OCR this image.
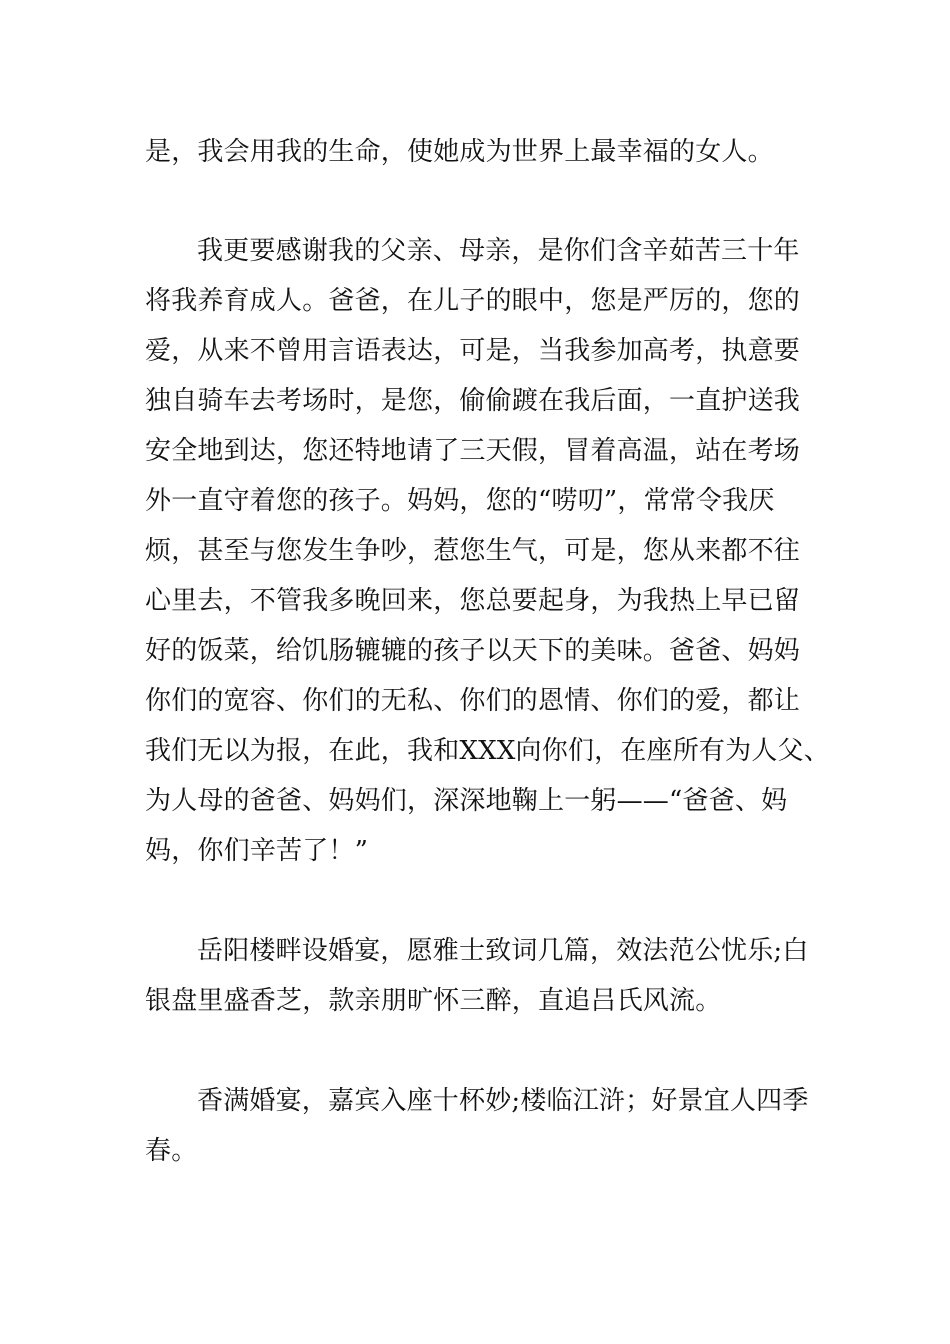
是，我会用我的生命，使她成为世界上最幸福的女人。

我更要感谢我的父亲、母亲，是你们含辛茹苦三十年

将我养育成人。爸爸，在儿子的眼中，您是严厉的，您的

爱，从来不曾用言语表达，可是，当我参加高考，执意要

独自骑车去考场时，是您，偷偷踱在我后面，一直护送我

安全地到达，您还特地请了三天假，冒着高温，站在考场

外一直守着您的孩子。妈妈，您的“唠叨”，常常令我厌

烦，甚至与您发生争吵，惹您生气，可是，您从来都不往

心里去，不管我多晚回来，您总要起身，为我热上早已留

好的饭菜，给饥肠辘辘的孩子以天下的美味。爸爸、妈妈

你们的宽容、你们的无私、你们的恩情、你们的爱，都让

我们无以为报，在此，我和XXX向你们，在座所有为人父、

为人母的爸爸、妈妈们，深深地鞠上一躬——“爸爸、妈

妈，你们辛苦了！”

岳阳楼畔设婚宴，愿雅士致词几篇，效法范公忧乐;白

银盘里盛香芝，款亲朋旷怀三醉，直追吕氏风流。

香满婚宴，嘉宾入座十杯妙;楼临江浒；好景宜人四季

春。
